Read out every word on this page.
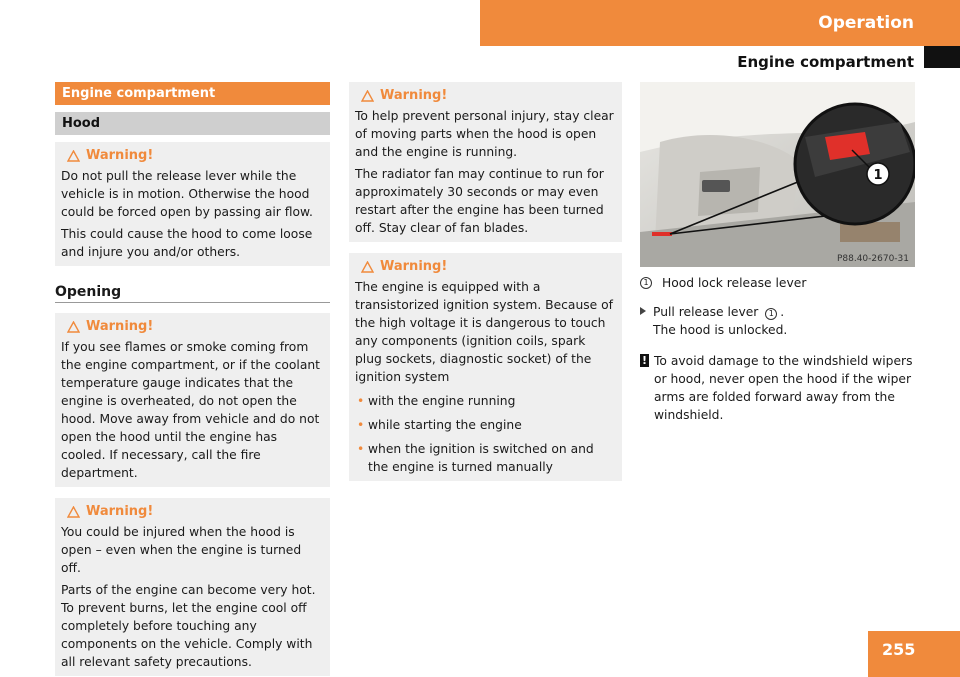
Operation
Engine compartment
Engine compartment
Hood
Warning!

Do not pull the release lever while the vehicle is in motion. Otherwise the hood could be forced open by passing air flow.

This could cause the hood to come loose and injure you and/or others.

Opening
Warning!

If you see flames or smoke coming from the engine compartment, or if the coolant temperature gauge indicates that the engine is overheated, do not open the hood. Move away from vehicle and do not open the hood until the engine has cooled. If necessary, call the fire department.

Warning!

You could be injured when the hood is open – even when the engine is turned off.

Parts of the engine can become very hot. To prevent burns, let the engine cool off completely before touching any components on the vehicle. Comply with all relevant safety precautions.

Warning!

To help prevent personal injury, stay clear of moving parts when the hood is open and the engine is running.

The radiator fan may continue to run for approximately 30 seconds or may even restart after the engine has been turned off. Stay clear of fan blades.

Warning!

The engine is equipped with a transistorized ignition system. Because of the high voltage it is dangerous to touch any components (ignition coils, spark plug sockets, diagnostic socket) of the ignition system

• with the engine running
• while starting the engine
• when the ignition is switched on and the engine is turned manually
1
P88.40-2670-31
1 Hood lock release lever
Pull release lever 1 .
The hood is unlocked.
! To avoid damage to the windshield wipers or hood, never open the hood if the wiper arms are folded forward away from the windshield.
255
